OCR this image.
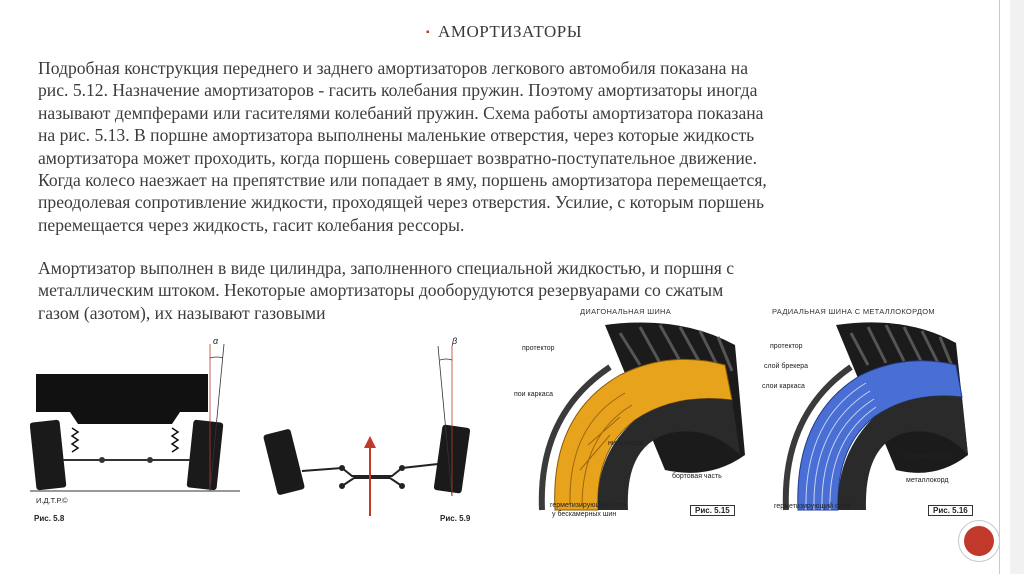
▪ АМОРТИЗАТОРЫ
Подробная конструкция переднего и заднего амортизаторов легкового автомобиля показана на
рис. 5.12. Назначение амортизаторов - гасить колебания пружин. Поэтому амортизаторы иногда
называют демпферами или гасителями колебаний пружин. Схема работы амортизатора показана
на рис. 5.13. В поршне амортизатора выполнены маленькие отверстия, через которые жидкость
амортизатора может проходить, когда поршень совершает возвратно-поступательное движение.
Когда колесо наезжает на препятствие или попадает в яму, поршень амортизатора перемещается,
преодолевая сопротивление жидкости, проходящей через отверстия. Усилие, с которым поршень
перемещается через жидкость, гасит колебания рессоры.
Амортизатор выполнен в виде цилиндра, заполненного специальной жидкостью, и поршня с
металлическим штоком. Некоторые амортизаторы дооборудуются резервуарами со сжатым
газом (азотом), их называют газовыми
α
И.Д.Т.Р.©
Рис. 5.8
β
Рис. 5.9
ДИАГОНАЛЬНАЯ ШИНА
протектор
пои каркаса
нити корда
бортовая часть
герметизирующий слой
у бескамерных шин	Рис. 5.15
РАДИАЛЬНАЯ ШИНА С МЕТАЛЛОКОРДОМ
протектор
слой брекера
слои каркаса
бортовая часть
металлокорд
герметизирующий слой	Рис. 5.16
